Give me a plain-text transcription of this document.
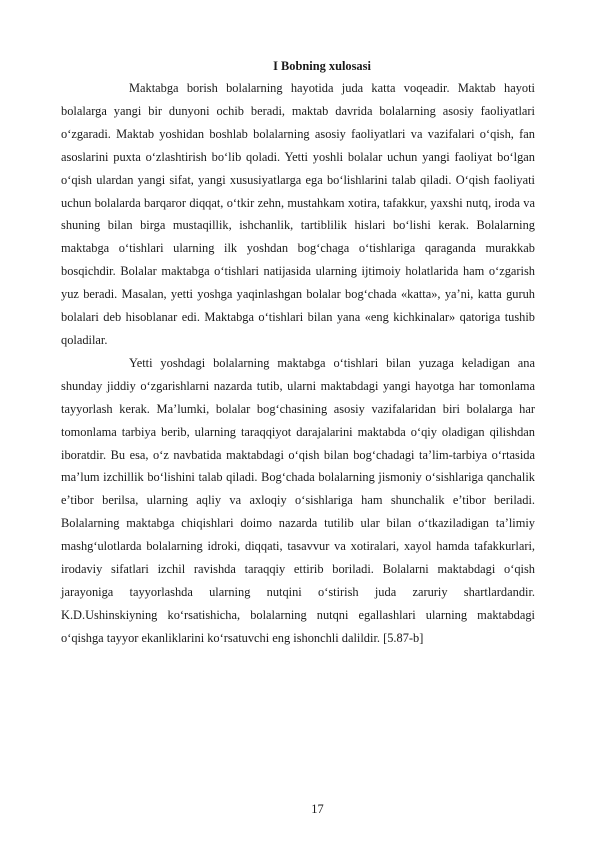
I Bobning xulosasi

Maktabga borish bolalarning hayotida juda katta voqeadir. Maktab hayoti bolalarga yangi bir dunyoni ochib beradi, maktab davrida bolalarning asosiy faoliyatlari o‘zgaradi. Maktab yoshidan boshlab bolalarning asosiy faoliyatlari va vazifalari o‘qish, fan asoslarini puxta o‘zlashtirish bo‘lib qoladi. Yetti yoshli bolalar uchun yangi faoliyat bo‘lgan o‘qish ulardan yangi sifat, yangi xususiyatlarga ega bo‘lishlarini talab qiladi. O‘qish faoliyati uchun bolalarda barqaror diqqat, o‘tkir zehn, mustahkam xotira, tafakkur, yaxshi nutq, iroda va shuning bilan birga mustaqillik, ishchanlik, tartiblilik hislari bo‘lishi kerak. Bolalarning maktabga o‘tishlari ularning ilk yoshdan bog‘chaga o‘tishlariga qaraganda murakkab bosqichdir. Bolalar maktabga o‘tishlari natijasida ularning ijtimoiy holatlarida ham o‘zgarish yuz beradi. Masalan, yetti yoshga yaqinlashgan bolalar bog‘chada «katta», ya’ni, katta guruh bolalari deb hisoblanar edi. Maktabga o‘tishlari bilan yana «eng kichkinalar» qatoriga tushib qoladilar.

Yetti yoshdagi bolalarning maktabga o‘tishlari bilan yuzaga keladigan ana shunday jiddiy o‘zgarishlarni nazarda tutib, ularni maktabdagi yangi hayotga har tomonlama tayyorlash kerak. Ma’lumki, bolalar bog‘chasining asosiy vazifalaridan biri bolalarga har tomonlama tarbiya berib, ularning taraqqiyot darajalarini maktabda o‘qiy oladigan qilishdan iboratdir. Bu esa, o‘z navbatida maktabdagi o‘qish bilan bog‘chadagi ta’lim-tarbiya o‘rtasida ma’lum izchillik bo‘lishini talab qiladi. Bog‘chada bolalarning jismoniy o‘sishlariga qanchalik e’tibor berilsa, ularning aqliy va axloqiy o‘sishlariga ham shunchalik e’tibor beriladi. Bolalarning maktabga chiqishlari doimo nazarda tutilib ular bilan o‘tkaziladigan ta’limiy mashg‘ulotlarda bolalarning idroki, diqqati, tasavvur va xotiralari, xayol hamda tafakkurlari, irodaviy sifatlari izchil ravishda taraqqiy ettirib boriladi. Bolalarni maktabdagi o‘qish jarayoniga tayyorlashda ularning nutqini o‘stirish juda zaruriy shartlardandir. K.D.Ushinskiyning ko‘rsatishicha, bolalarning nutqni egallashlari ularning maktabdagi o‘qishga tayyor ekanliklarini ko‘rsatuvchi eng ishonchli dalildir. [5.87-b]

17
